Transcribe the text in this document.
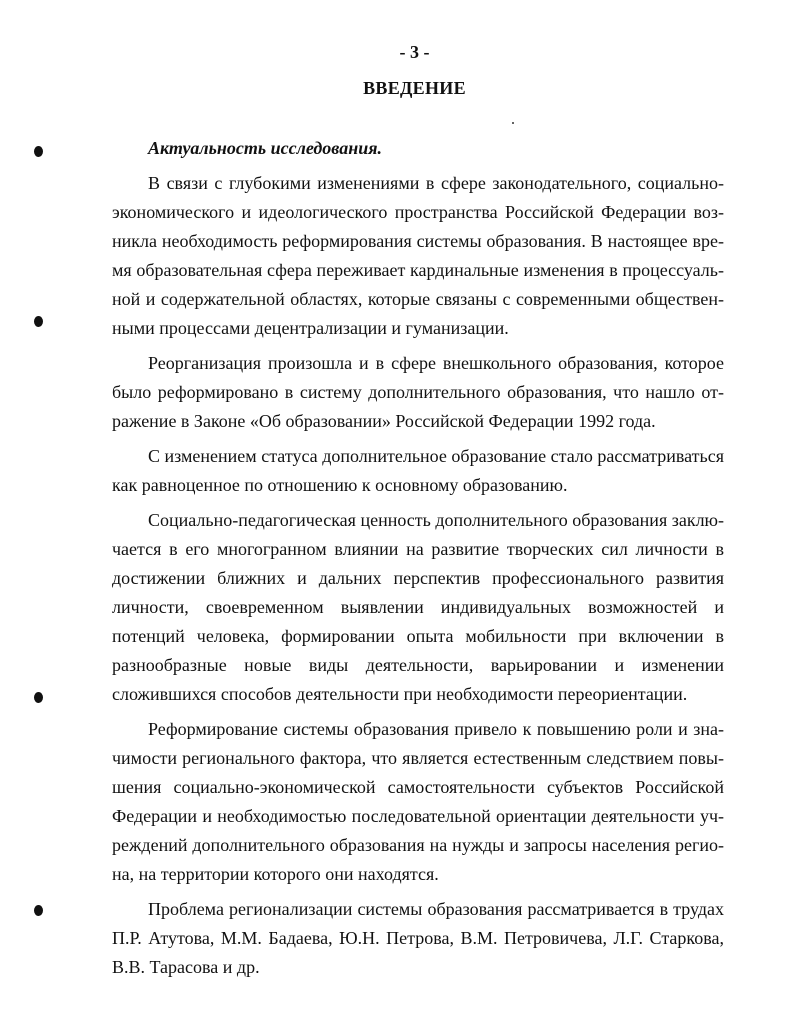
- 3 -
ВВЕДЕНИЕ

Актуальность исследования.

В связи с глубокими изменениями в сфере законодательного, социально-экономического и идеологического пространства Российской Федерации возникла необходимость реформирования системы образования. В настоящее время образовательная сфера переживает кардинальные изменения в процессуальной и содержательной областях, которые связаны с современными общественными процессами децентрализации и гуманизации.

Реорганизация произошла и в сфере внешкольного образования, которое было реформировано в систему дополнительного образования, что нашло отражение в Законе «Об образовании» Российской Федерации 1992 года.

С изменением статуса дополнительное образование стало рассматриваться как равноценное по отношению к основному образованию.

Социально-педагогическая ценность дополнительного образования заключается в его многогранном влиянии на развитие творческих сил личности в достижении ближних и дальних перспектив профессионального развития личности, своевременном выявлении индивидуальных возможностей и потенций человека, формировании опыта мобильности при включении в разнообразные новые виды деятельности, варьировании и изменении сложившихся способов деятельности при необходимости переориентации.

Реформирование системы образования привело к повышению роли и значимости регионального фактора, что является естественным следствием повышения социально-экономической самостоятельности субъектов Российской Федерации и необходимостью последовательной ориентации деятельности учреждений дополнительного образования на нужды и запросы населения региона, на территории которого они находятся.

Проблема регионализации системы образования рассматривается в трудах П.Р. Атутова, М.М. Бадаева, Ю.Н. Петрова, В.М. Петровичева, Л.Г. Старкова, В.В. Тарасова и др.
